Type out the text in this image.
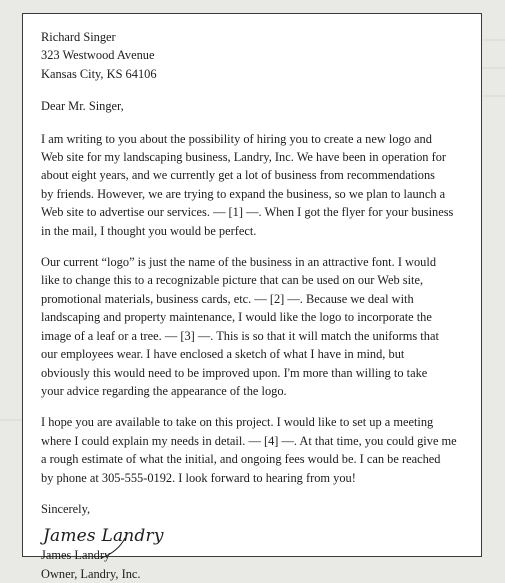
Richard Singer
323 Westwood Avenue
Kansas City, KS 64106
Dear Mr. Singer,
I am writing to you about the possibility of hiring you to create a new logo and
Web site for my landscaping business, Landry, Inc. We have been in operation for
about eight years, and we currently get a lot of business from recommendations
by friends. However, we are trying to expand the business, so we plan to launch a
Web site to advertise our services. — [1] —. When I got the flyer for your business
in the mail, I thought you would be perfect.
Our current “logo” is just the name of the business in an attractive font. I would
like to change this to a recognizable picture that can be used on our Web site,
promotional materials, business cards, etc. — [2] —. Because we deal with
landscaping and property maintenance, I would like the logo to incorporate the
image of a leaf or a tree. — [3] —. This is so that it will match the uniforms that
our employees wear. I have enclosed a sketch of what I have in mind, but
obviously this would need to be improved upon. I'm more than willing to take
your advice regarding the appearance of the logo.
I hope you are available to take on this project. I would like to set up a meeting
where I could explain my needs in detail. — [4] —. At that time, you could give me
a rough estimate of what the initial, and ongoing fees would be. I can be reached
by phone at 305-555-0192. I look forward to hearing from you!
Sincerely,
James Landry
James Landry
Owner, Landry, Inc.
